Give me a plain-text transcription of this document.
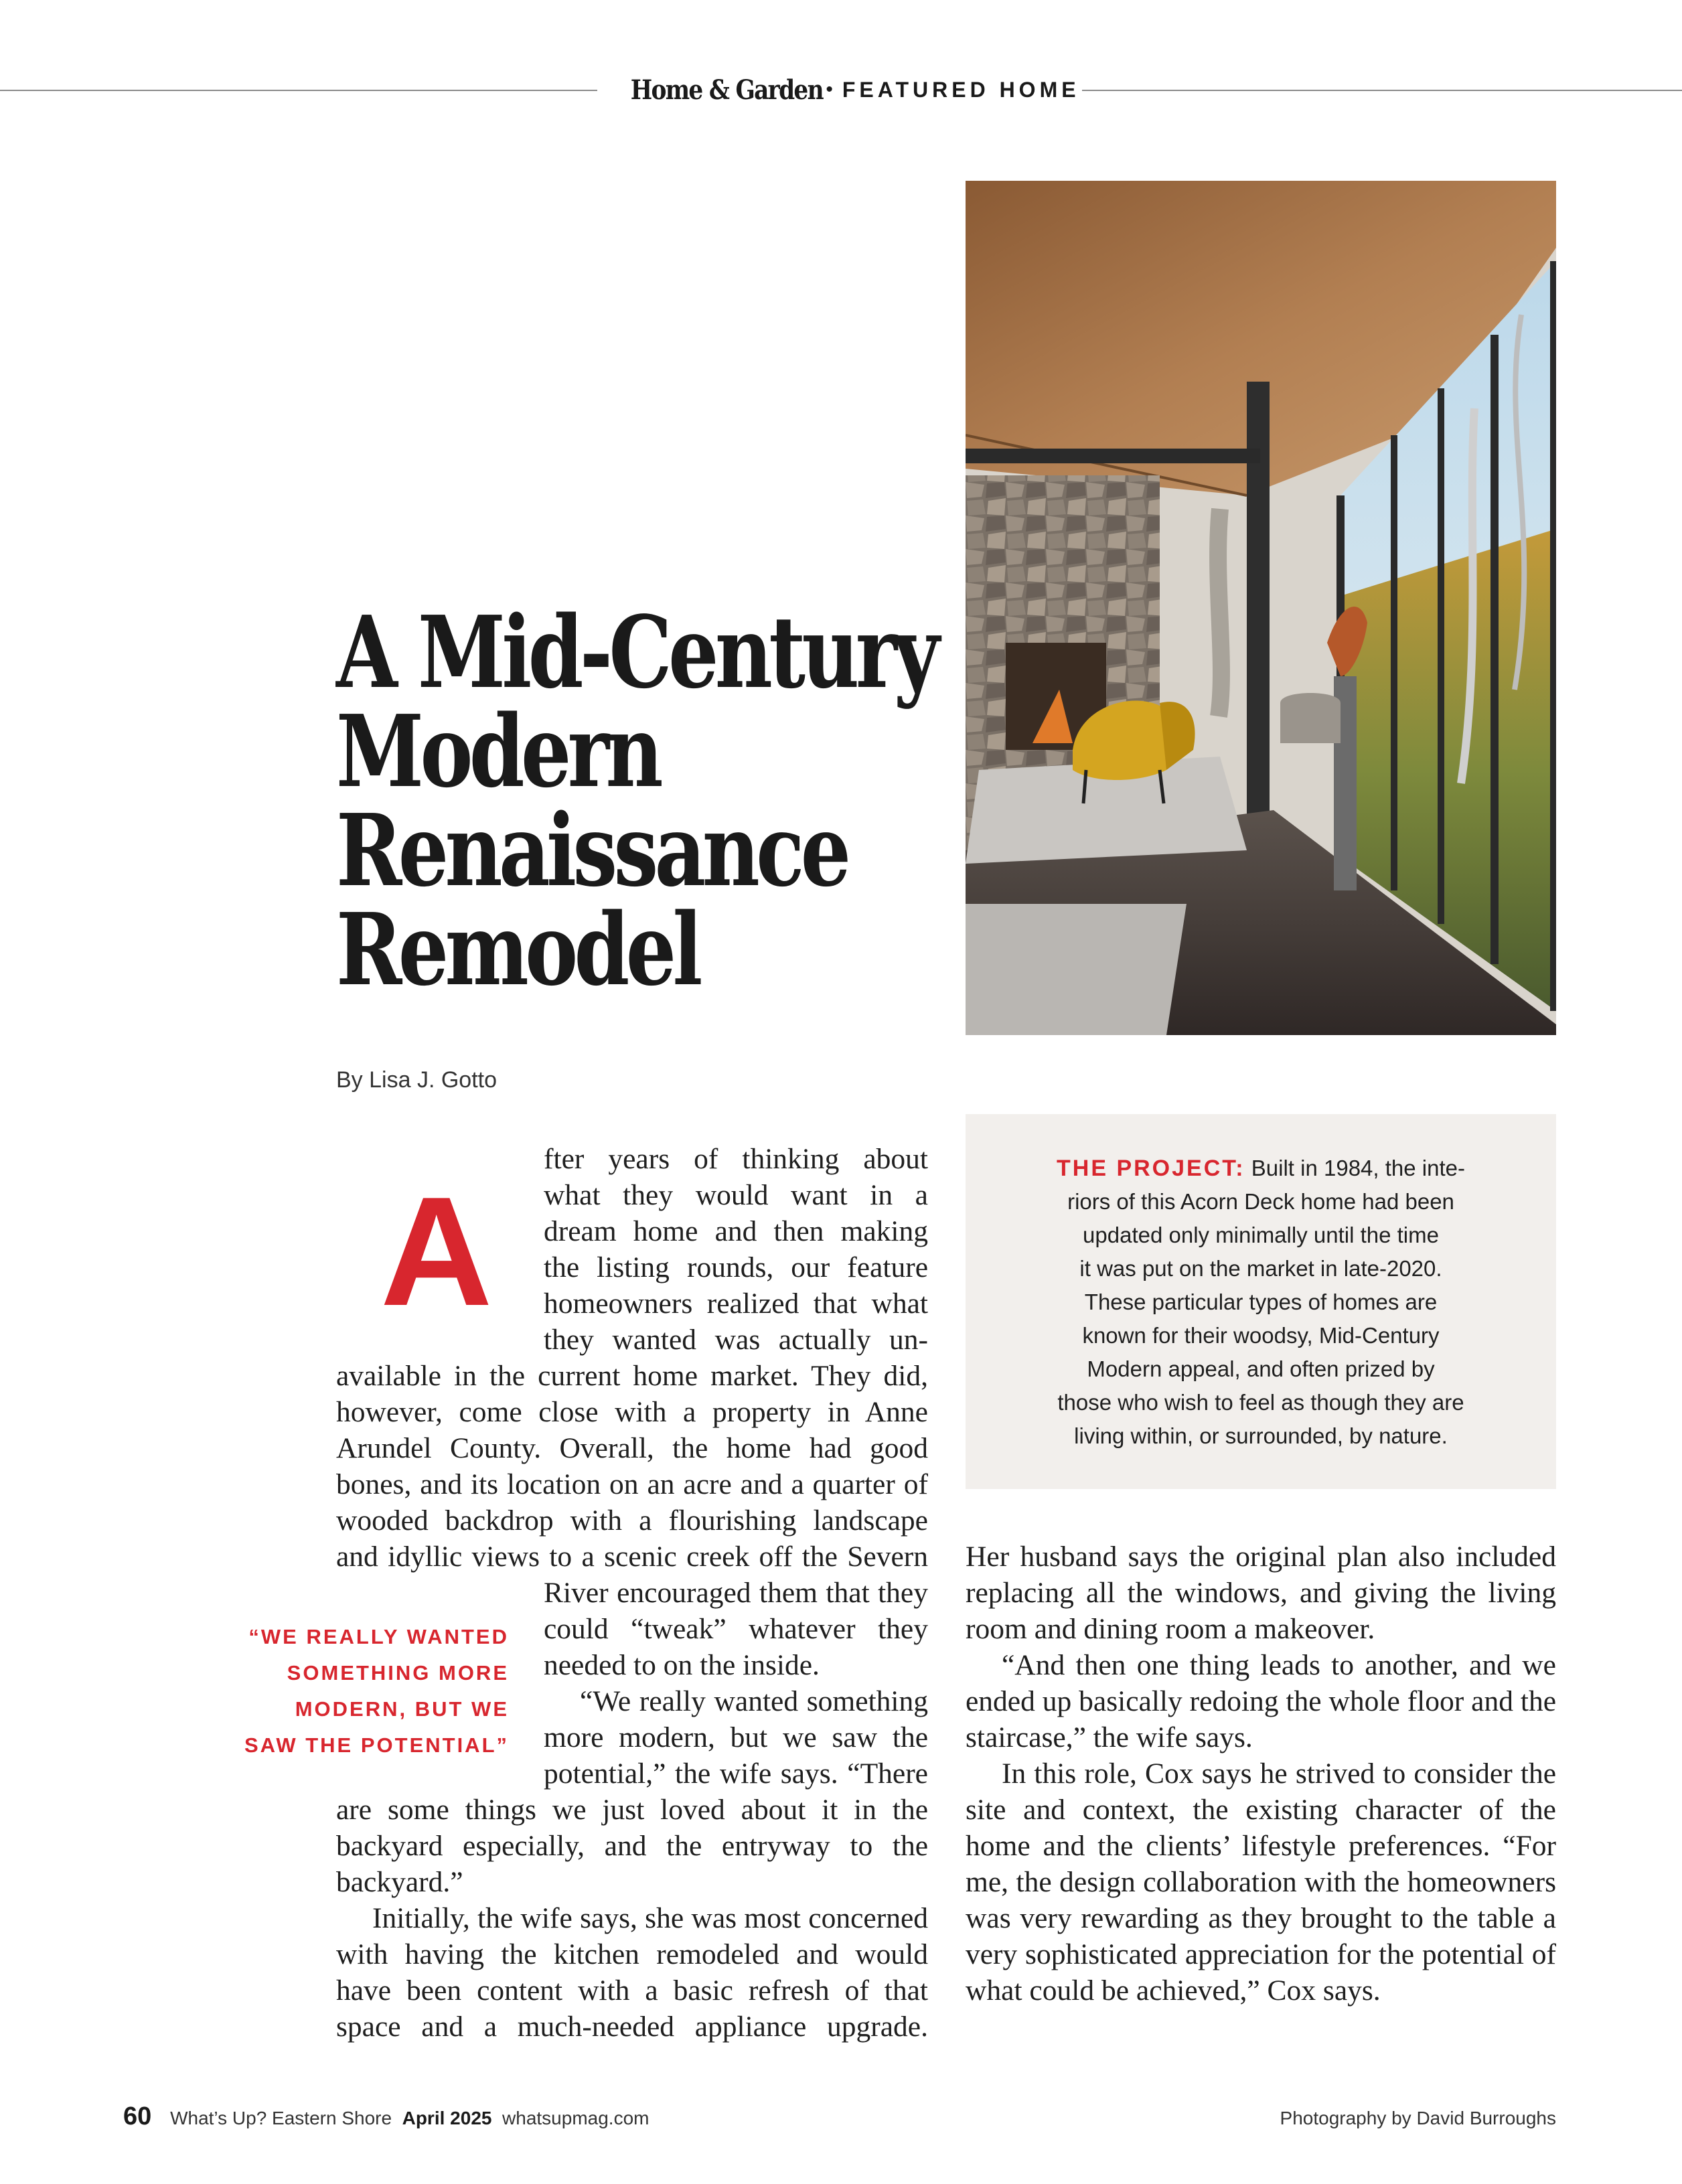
Home & Garden • FEATURED HOME
A Mid-Century
Modern
Renaissance
Remodel
By Lisa J. Gotto
A

fter years of thinking about

what they would want in a

dream home and then making

the listing rounds, our feature

homeowners realized that what

they wanted was actually un-

available in the current home market. They did, however, come close with a property in Anne Arundel County. Overall, the home had good bones, and its location on an acre and a quarter of wooded backdrop with a flourishing landscape and idyllic views to a scenic creek off the Severn

River encouraged them that they could “tweak” whatever they needed to on the inside.

“We really wanted something more modern, but we saw the potential,” the wife says. “There

are some things we just loved about it in the backyard especially, and the entryway to the backyard.”

Initially, the wife says, she was most concerned with having the kitchen remodeled and would have been content with a basic refresh of that space and a much-needed appliance upgrade.

“WE REALLY WANTED
SOMETHING MORE
MODERN, BUT WE
SAW THE POTENTIAL”
THE PROJECT: Built in 1984, the inte-
riors of this Acorn Deck home had been
updated only minimally until the time
it was put on the market in late-2020.
These particular types of homes are
known for their woodsy, Mid-Century
Modern appeal, and often prized by
those who wish to feel as though they are
living within, or surrounded, by nature.

Her husband says the original plan also included replacing all the windows, and giving the living room and dining room a makeover.

“And then one thing leads to another, and we ended up basically redoing the whole floor and the staircase,” the wife says.

In this role, Cox says he strived to consider the site and context, the existing character of the home and the clients’ lifestyle preferences. “For me, the design collaboration with the homeowners was very rewarding as they brought to the table a very sophisticated appreciation for the potential of what could be achieved,” Cox says.

60 What’s Up? Eastern Shore April 2025 whatsupmag.com	Photography by David Burroughs
